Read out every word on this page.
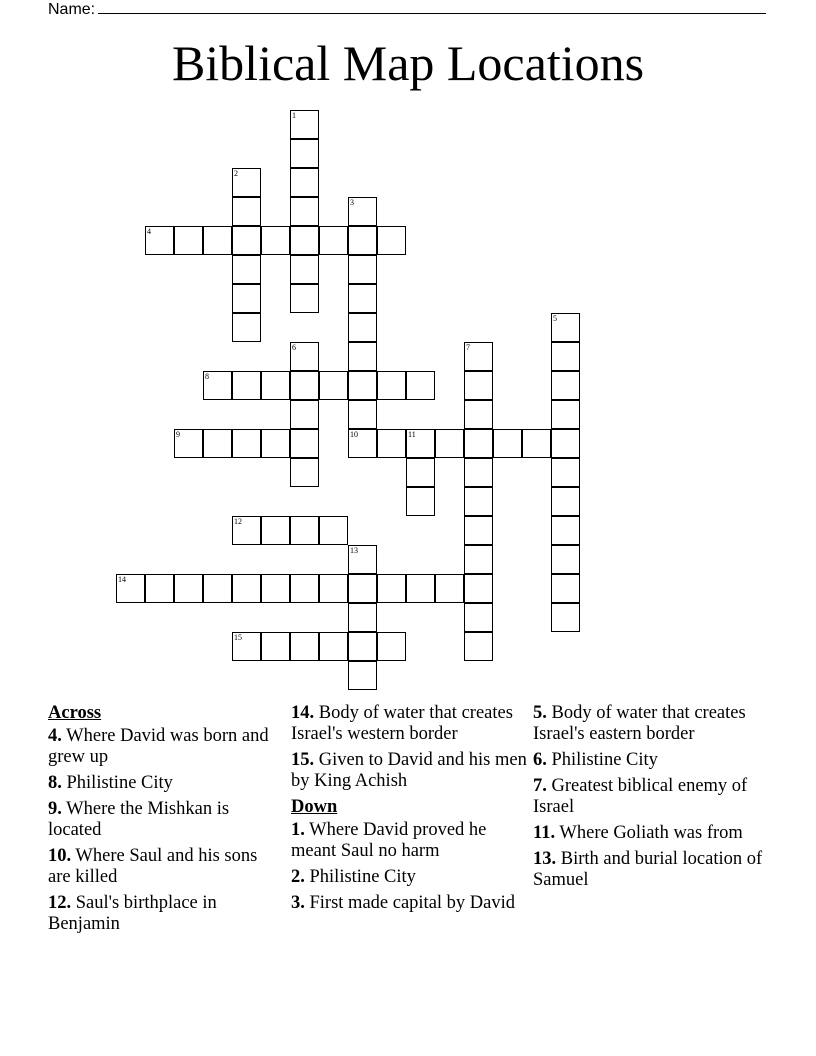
Name:
Biblical Map Locations
4
8
9	10	11
12
14
15
1
2
3
5
6	7
13
Across
4. Where David was born and grew up
8. Philistine City
9. Where the Mishkan is located
10. Where Saul and his sons are killed
12. Saul's birthplace in Benjamin
14. Body of water that creates Israel's western border
15. Given to David and his men by King Achish
Down
1. Where David proved he meant Saul no harm
2. Philistine City
3. First made capital by David
5. Body of water that creates Israel's eastern border
6. Philistine City
7. Greatest biblical enemy of Israel
11. Where Goliath was from
13. Birth and burial location of Samuel
